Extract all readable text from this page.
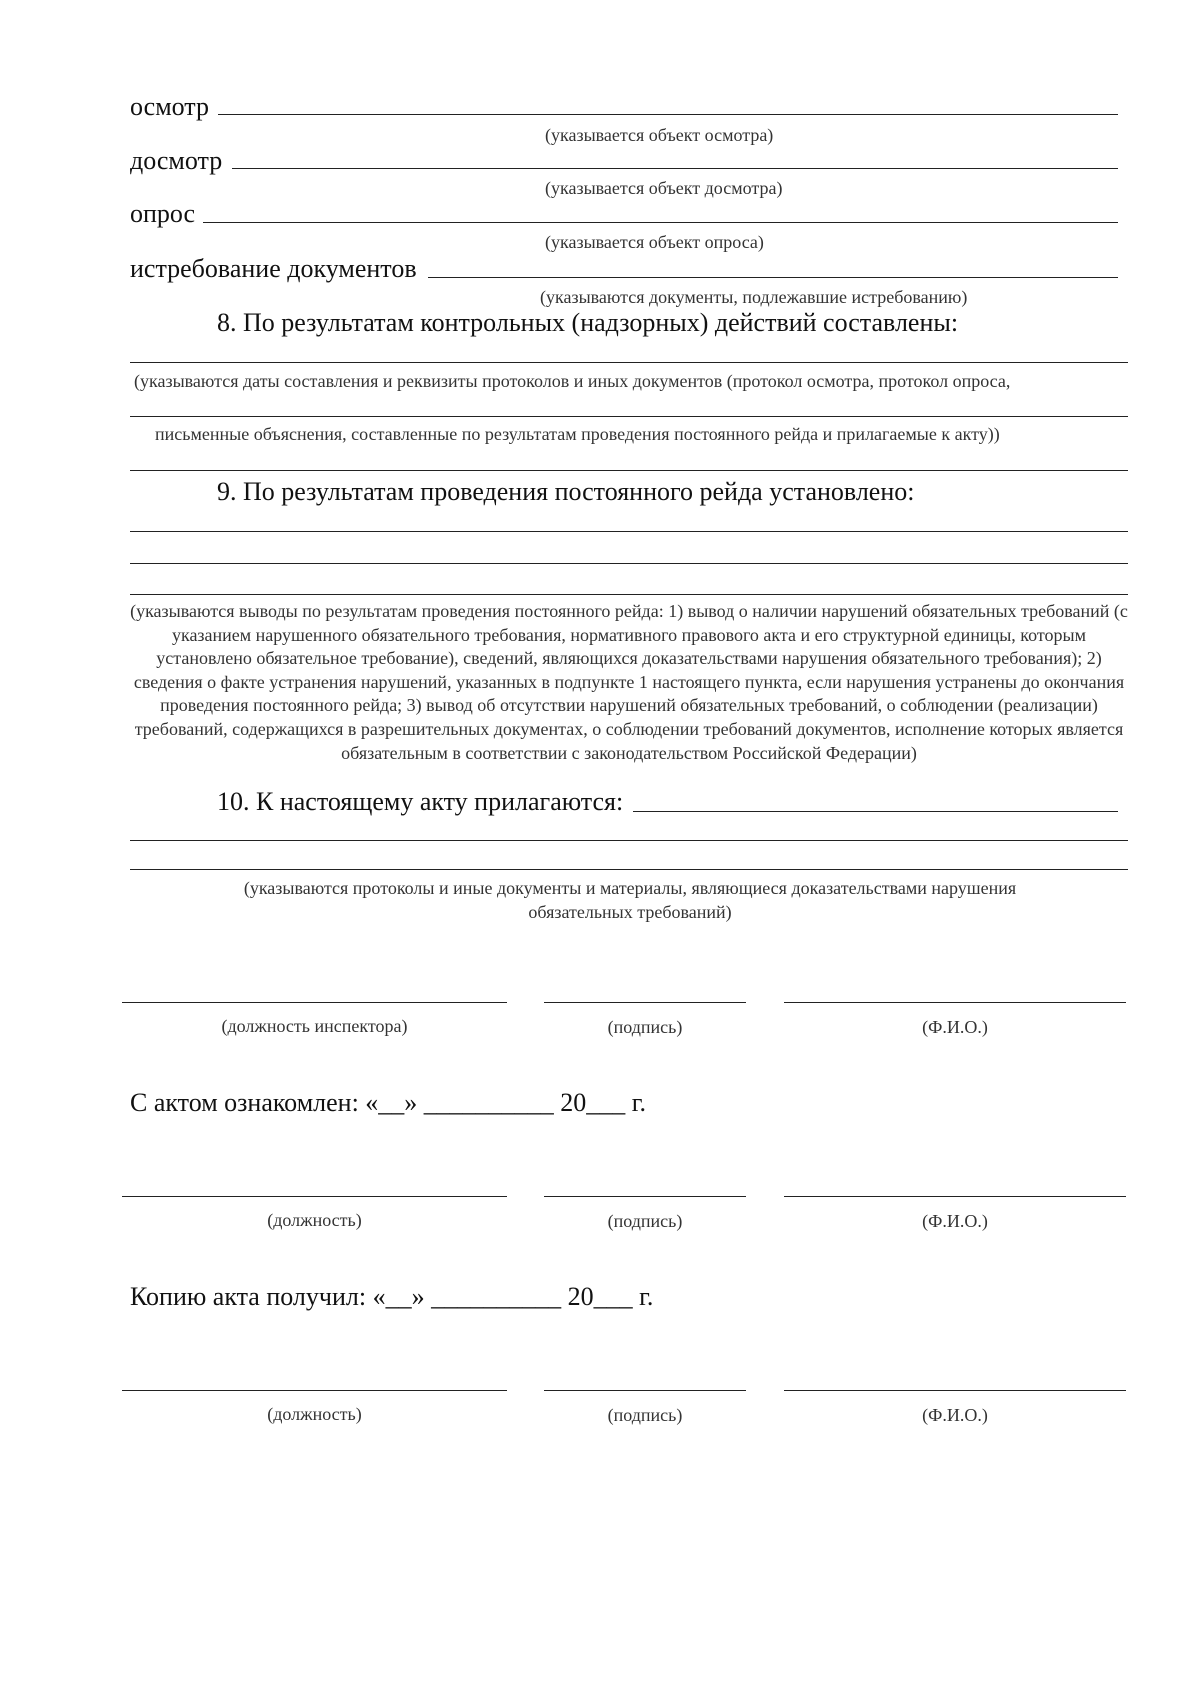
осмотр
(указывается объект осмотра)
досмотр
(указывается объект досмотра)
опрос
(указывается объект опроса)
истребование документов
(указываются документы, подлежавшие истребованию)
8. По результатам контрольных (надзорных) действий составлены:
(указываются даты составления и реквизиты протоколов и иных документов (протокол осмотра, протокол опроса,
письменные объяснения, составленные по результатам проведения постоянного рейда и прилагаемые к акту))
9. По результатам проведения постоянного рейда установлено:
(указываются выводы по результатам проведения постоянного рейда: 1) вывод о наличии нарушений обязательных требований (с указанием нарушенного обязательного требования, нормативного правового акта и его структурной единицы, которым установлено обязательное требование), сведений, являющихся доказательствами нарушения обязательного требования); 2) сведения о факте устранения нарушений, указанных в подпункте 1 настоящего пункта, если нарушения устранены до окончания проведения постоянного рейда; 3) вывод об отсутствии нарушений обязательных требований, о соблюдении (реализации) требований, содержащихся в разрешительных документах, о соблюдении требований документов, исполнение которых является обязательным в соответствии с законодательством Российской Федерации)
10. К настоящему акту прилагаются:
(указываются протоколы и иные документы и материалы, являющиеся доказательствами нарушения обязательных требований)
(должность инспектора)	(подпись)	(Ф.И.О.)
С актом ознакомлен: «__» __________ 20___ г.
(должность)	(подпись)	(Ф.И.О.)
Копию акта получил: «__» __________ 20___ г.
(должность)	(подпись)	(Ф.И.О.)
